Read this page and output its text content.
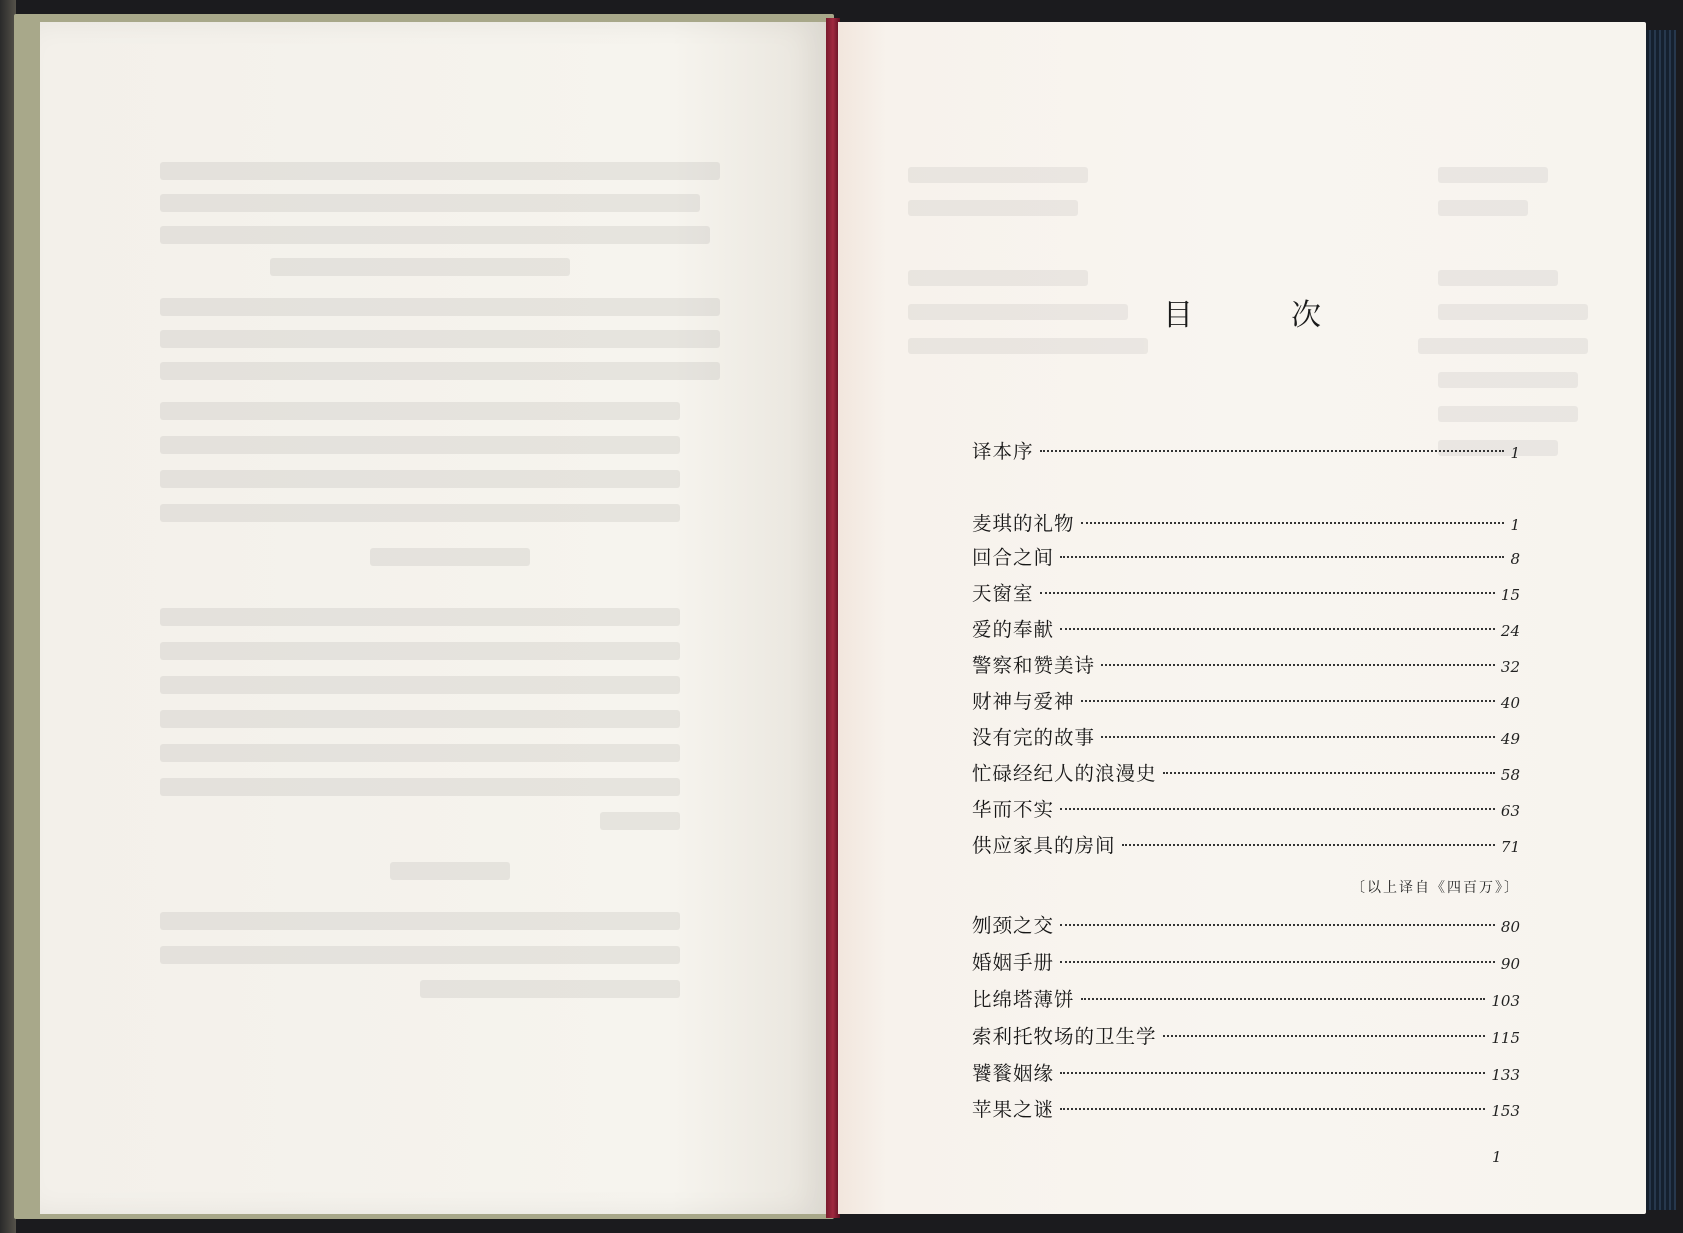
目　次
译本序	1
麦琪的礼物	1
回合之间	8
天窗室	15
爱的奉献	24
警察和赞美诗	32
财神与爱神	40
没有完的故事	49
忙碌经纪人的浪漫史	58
华而不实	63
供应家具的房间	71
〔以上译自《四百万》〕
刎颈之交	80
婚姻手册	90
比绵塔薄饼	103
索利托牧场的卫生学	115
饕餮姻缘	133
苹果之谜	153
1
